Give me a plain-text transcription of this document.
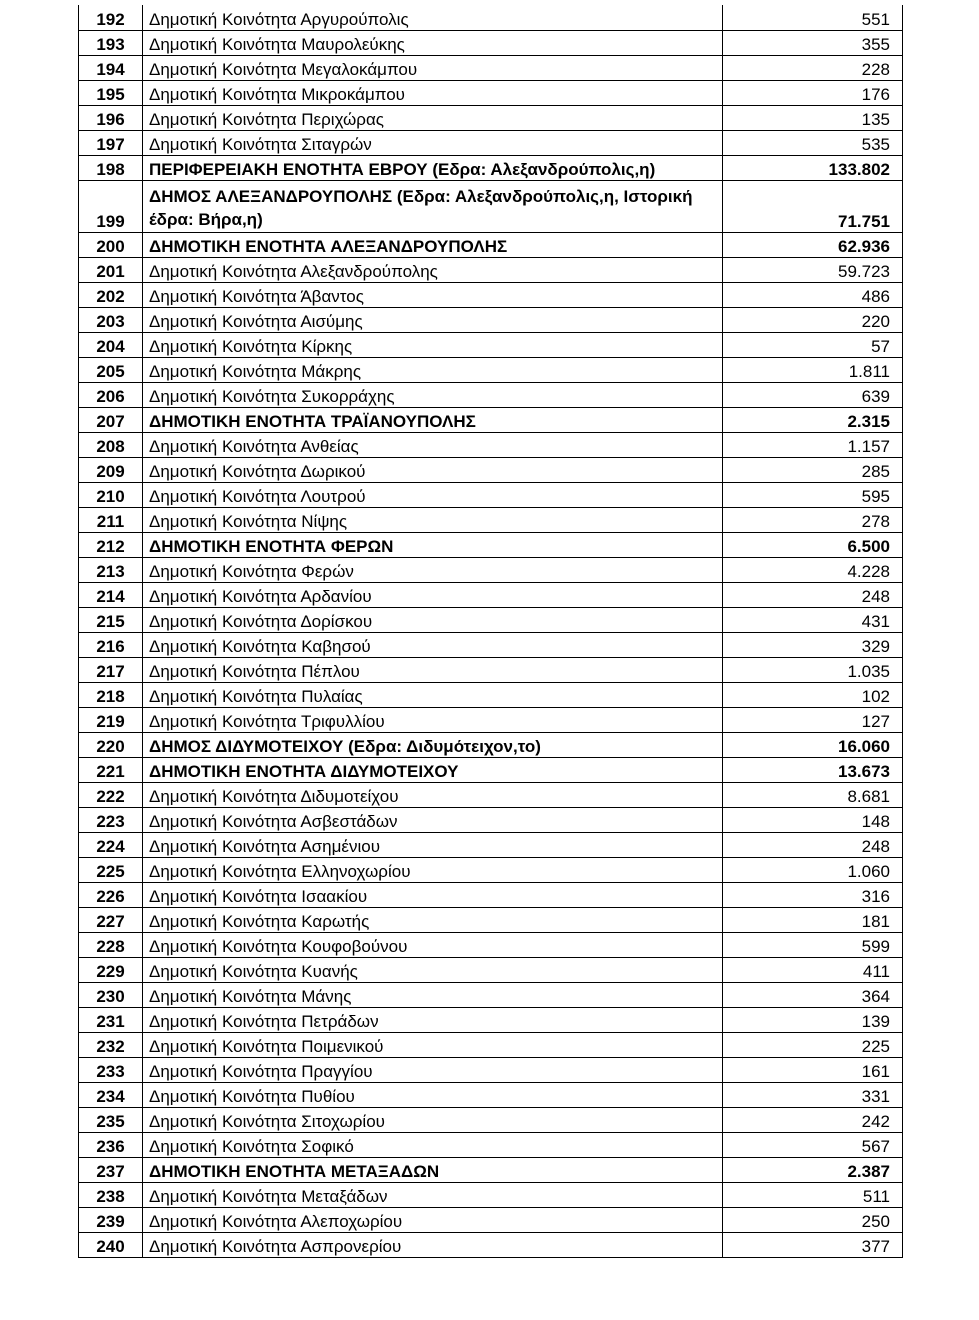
192	Δημοτική Κοινότητα Αργυρούπολις	551
193	Δημοτική Κοινότητα Μαυρολεύκης	355
194	Δημοτική Κοινότητα Μεγαλοκάμπου	228
195	Δημοτική Κοινότητα Μικροκάμπου	176
196	Δημοτική Κοινότητα Περιχώρας	135
197	Δημοτική Κοινότητα Σιταγρών	535
198	ΠΕΡΙΦΕΡΕΙΑΚΗ ΕΝΟΤΗΤΑ ΕΒΡΟΥ (Εδρα: Αλεξανδρούπολις,η)	133.802
199	ΔΗΜΟΣ ΑΛΕΞΑΝΔΡΟΥΠΟΛΗΣ (Εδρα: Αλεξανδρούπολις,η, Ιστορική έδρα: Βήρα,η)	71.751
200	ΔΗΜΟΤΙΚΗ ΕΝΟΤΗΤΑ ΑΛΕΞΑΝΔΡΟΥΠΟΛΗΣ	62.936
201	Δημοτική Κοινότητα Αλεξανδρούπολης	59.723
202	Δημοτική Κοινότητα Άβαντος	486
203	Δημοτική Κοινότητα Αισύμης	220
204	Δημοτική Κοινότητα Κίρκης	57
205	Δημοτική Κοινότητα Μάκρης	1.811
206	Δημοτική Κοινότητα Συκορράχης	639
207	ΔΗΜΟΤΙΚΗ ΕΝΟΤΗΤΑ ΤΡΑΪΑΝΟΥΠΟΛΗΣ	2.315
208	Δημοτική Κοινότητα Ανθείας	1.157
209	Δημοτική Κοινότητα Δωρικού	285
210	Δημοτική Κοινότητα Λουτρού	595
211	Δημοτική Κοινότητα Νίψης	278
212	ΔΗΜΟΤΙΚΗ ΕΝΟΤΗΤΑ ΦΕΡΩΝ	6.500
213	Δημοτική Κοινότητα Φερών	4.228
214	Δημοτική Κοινότητα Αρδανίου	248
215	Δημοτική Κοινότητα Δορίσκου	431
216	Δημοτική Κοινότητα Καβησού	329
217	Δημοτική Κοινότητα Πέπλου	1.035
218	Δημοτική Κοινότητα Πυλαίας	102
219	Δημοτική Κοινότητα Τριφυλλίου	127
220	ΔΗΜΟΣ ΔΙΔΥΜΟΤΕΙΧΟΥ (Εδρα: Διδυμότειχον,το)	16.060
221	ΔΗΜΟΤΙΚΗ ΕΝΟΤΗΤΑ ΔΙΔΥΜΟΤΕΙΧΟΥ	13.673
222	Δημοτική Κοινότητα Διδυμοτείχου	8.681
223	Δημοτική Κοινότητα Ασβεστάδων	148
224	Δημοτική Κοινότητα Ασημένιου	248
225	Δημοτική Κοινότητα Ελληνοχωρίου	1.060
226	Δημοτική Κοινότητα Ισαακίου	316
227	Δημοτική Κοινότητα Καρωτής	181
228	Δημοτική Κοινότητα Κουφοβούνου	599
229	Δημοτική Κοινότητα Κυανής	411
230	Δημοτική Κοινότητα Μάνης	364
231	Δημοτική Κοινότητα Πετράδων	139
232	Δημοτική Κοινότητα Ποιμενικού	225
233	Δημοτική Κοινότητα Πραγγίου	161
234	Δημοτική Κοινότητα Πυθίου	331
235	Δημοτική Κοινότητα Σιτοχωρίου	242
236	Δημοτική Κοινότητα Σοφικό	567
237	ΔΗΜΟΤΙΚΗ ΕΝΟΤΗΤΑ ΜΕΤΑΞΑΔΩΝ	2.387
238	Δημοτική Κοινότητα Μεταξάδων	511
239	Δημοτική Κοινότητα Αλεποχωρίου	250
240	Δημοτική Κοινότητα Ασπρονερίου	377
